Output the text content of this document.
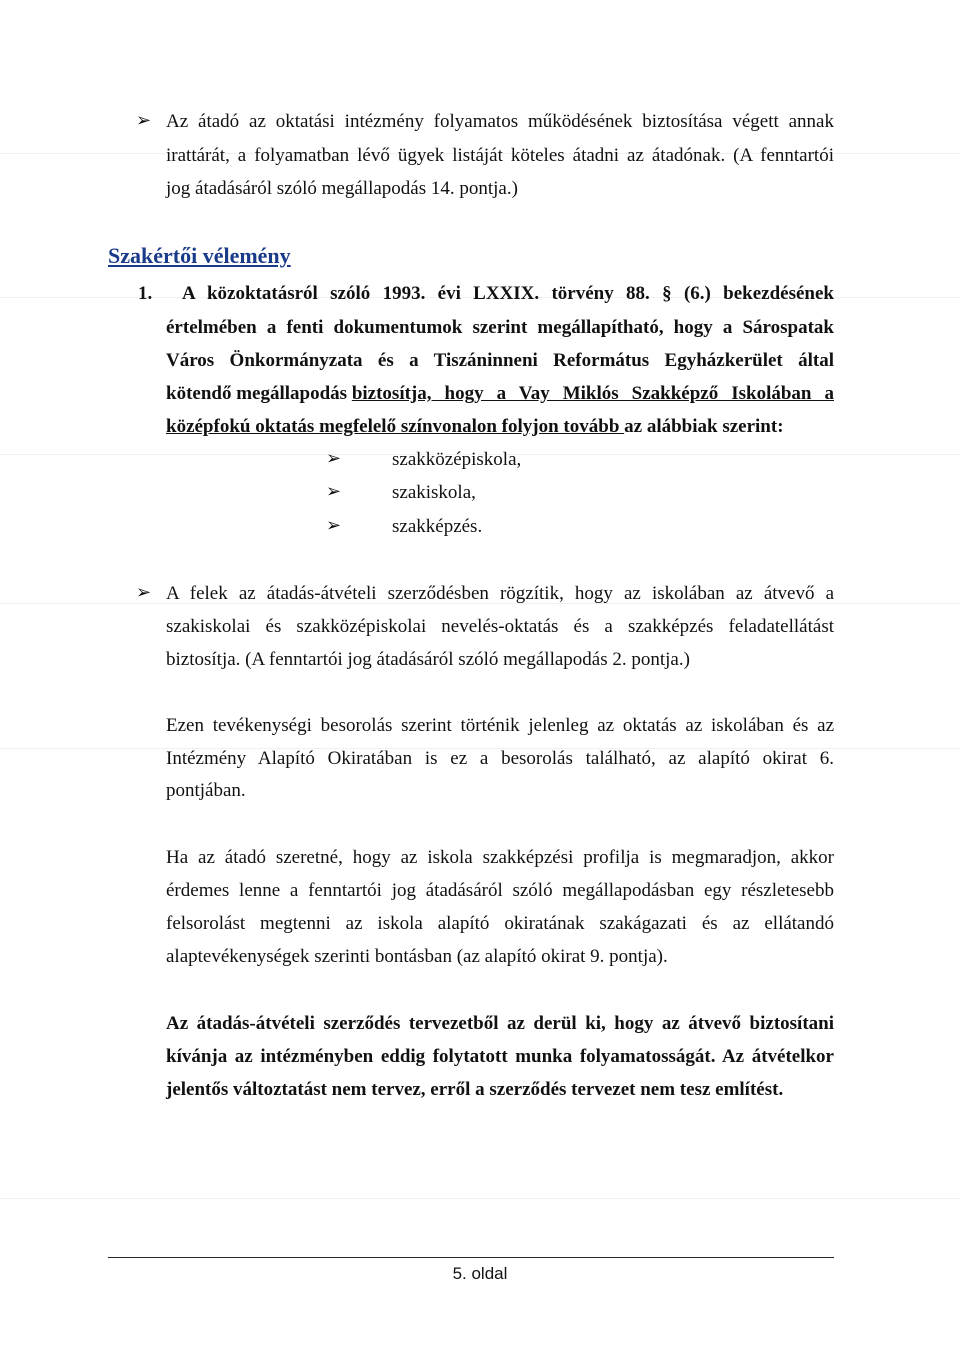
➢ Az átadó az oktatási intézmény folyamatos működésének biztosítása végett annak
irattárát, a folyamatban lévő ügyek listáját köteles átadni az átadónak. (A fenntartói
jog átadásáról szóló megállapodás 14. pontja.)
Szakértői vélemény
1. A közoktatásról szóló 1993. évi LXXIX. törvény 88. § (6.) bekezdésének
értelmében a fenti dokumentumok szerint megállapítható, hogy a Sárospatak
Város Önkormányzata és a Tiszáninneni Református Egyházkerület által
kötendő megállapodás biztosítja, hogy a Vay Miklós Szakképző Iskolában a
középfokú oktatás megfelelő színvonalon folyjon tovább az alábbiak szerint:
➢	szakközépiskola,
➢	szakiskola,
➢	szakképzés.
➢ A felek az átadás-átvételi szerződésben rögzítik, hogy az iskolában az átvevő a
szakiskolai és szakközépiskolai nevelés-oktatás és a szakképzés feladatellátást
biztosítja. (A fenntartói jog átadásáról szóló megállapodás 2. pontja.)
Ezen tevékenységi besorolás szerint történik jelenleg az oktatás az iskolában és az
Intézmény Alapító Okiratában is ez a besorolás található, az alapító okirat 6.
pontjában.
Ha az átadó szeretné, hogy az iskola szakképzési profilja is megmaradjon, akkor
érdemes lenne a fenntartói jog átadásáról szóló megállapodásban egy részletesebb
felsorolást megtenni az iskola alapító okiratának szakágazati és az ellátandó
alaptevékenységek szerinti bontásban (az alapító okirat 9. pontja).
Az átadás-átvételi szerződés tervezetből az derül ki, hogy az átvevő biztosítani
kívánja az intézményben eddig folytatott munka folyamatosságát. Az átvételkor
jelentős változtatást nem tervez, erről a szerződés tervezet nem tesz említést.
5. oldal
